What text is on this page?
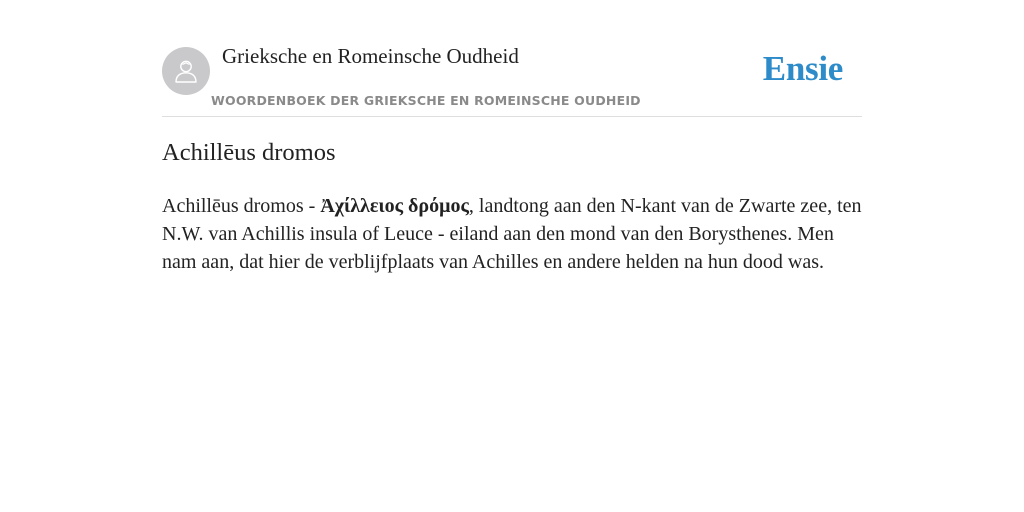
Grieksche en Romeinsche Oudheid
WOORDENBOEK DER GRIEKSCHE EN ROMEINSCHE OUDHEID
Ensie
Achillēus dromos

Achillēus dromos - Ἀχίλλειος δρόμος, landtong aan den N-kant van de Zwarte zee, ten N.W. van Achillis insula of Leuce - eiland aan den mond van den Borysthenes. Men nam aan, dat hier de verblijfplaats van Achilles en andere helden na hun dood was.
